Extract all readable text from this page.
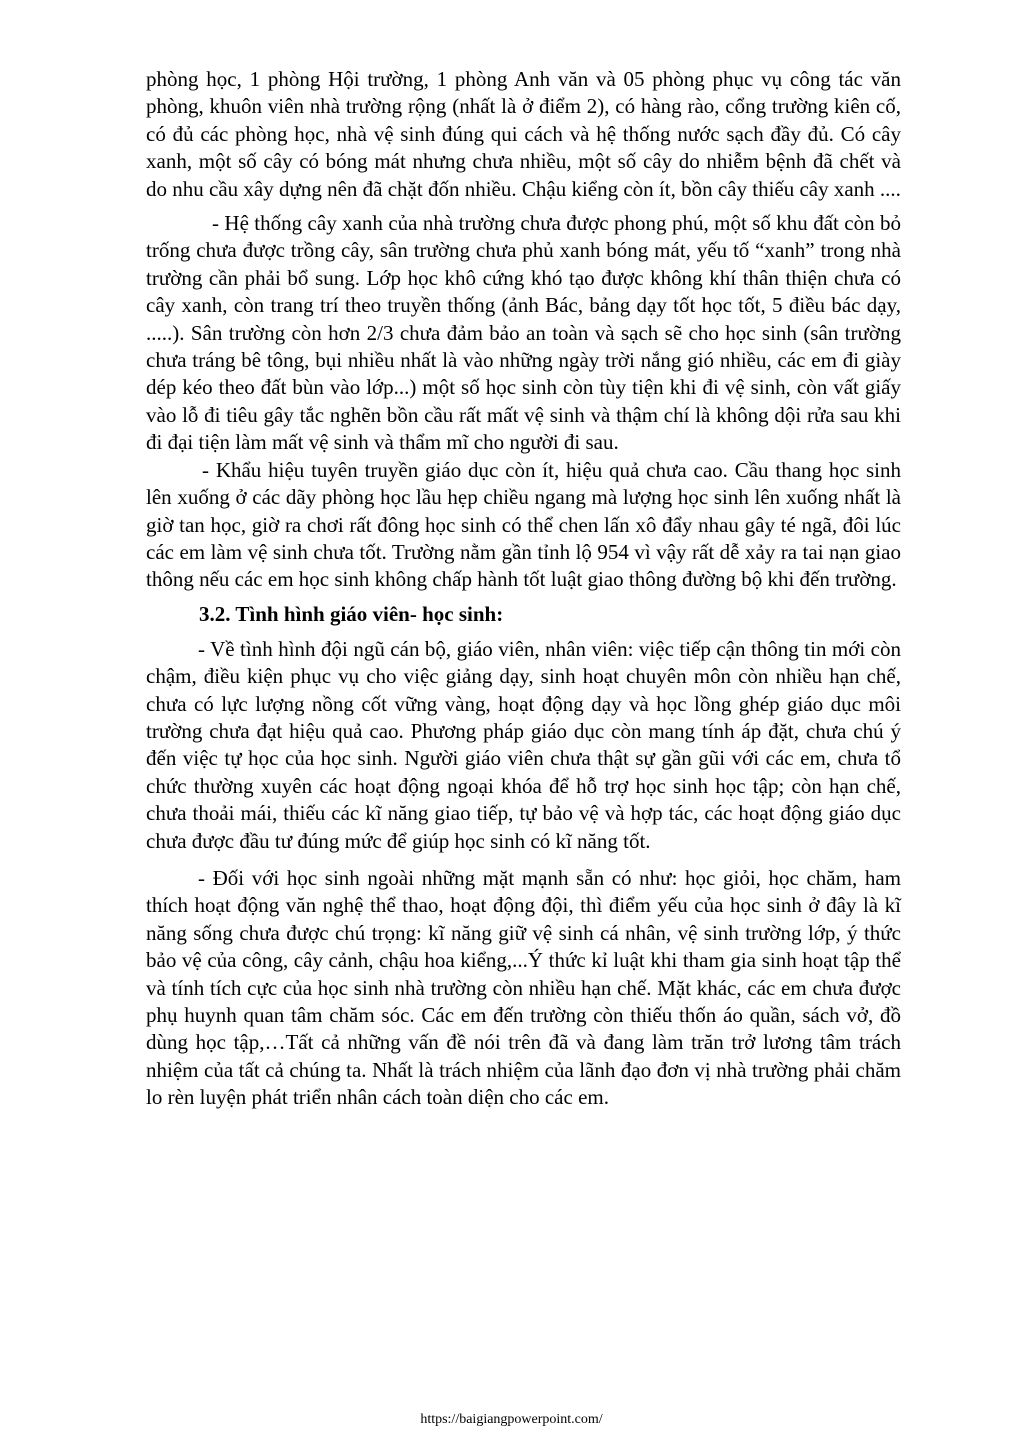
phòng học, 1 phòng Hội trường, 1 phòng Anh văn và 05 phòng phục vụ công tác văn phòng, khuôn viên nhà trường rộng (nhất là ở điểm 2), có hàng rào, cổng trường kiên cố, có đủ các phòng học, nhà vệ sinh đúng qui cách và hệ thống nước sạch đầy đủ. Có cây xanh, một số cây có bóng mát nhưng chưa nhiều, một số cây do nhiễm bệnh đã chết và do nhu cầu xây dựng nên đã chặt đốn nhiều. Chậu kiểng còn ít, bồn cây thiếu cây xanh ....

- Hệ thống cây xanh của nhà trường chưa được phong phú, một số khu đất còn bỏ trống chưa được trồng cây, sân trường chưa phủ xanh bóng mát, yếu tố “xanh” trong nhà trường cần phải bổ sung. Lớp học khô cứng khó tạo được không khí thân thiện chưa có cây xanh, còn trang trí theo truyền thống (ảnh Bác, bảng dạy tốt học tốt, 5 điều bác dạy, .....). Sân trường còn hơn 2/3 chưa đảm bảo an toàn và sạch sẽ cho học sinh (sân trường chưa tráng bê tông, bụi nhiều nhất là vào những ngày trời nắng gió nhiều, các em đi giày dép kéo theo đất bùn vào lớp...) một số học sinh còn tùy tiện khi đi vệ sinh, còn vất giấy vào lỗ đi tiêu gây tắc nghẽn bồn cầu rất mất vệ sinh và thậm chí là không dội rửa sau khi đi đại tiện làm mất vệ sinh và thẩm mĩ cho người đi sau.

- Khẩu hiệu tuyên truyền giáo dục còn ít, hiệu quả chưa cao. Cầu thang học sinh lên xuống ở các dãy phòng học lầu hẹp chiều ngang mà lượng học sinh lên xuống nhất là giờ tan học, giờ ra chơi rất đông học sinh có thể chen lấn xô đẩy nhau gây té ngã, đôi lúc các em làm vệ sinh chưa tốt. Trường nằm gần tỉnh lộ 954 vì vậy rất dễ xảy ra tai nạn giao thông nếu các em học sinh không chấp hành tốt luật giao thông đường bộ khi đến trường.

3.2. Tình hình giáo viên- học sinh:

- Về tình hình đội ngũ cán bộ, giáo viên, nhân viên: việc tiếp cận thông tin mới còn chậm, điều kiện phục vụ cho việc giảng dạy, sinh hoạt chuyên môn còn nhiều hạn chế, chưa có lực lượng nồng cốt vững vàng, hoạt động dạy và học lồng ghép giáo dục môi trường chưa đạt hiệu quả cao. Phương pháp giáo dục còn mang tính áp đặt, chưa chú ý đến việc tự học của học sinh. Người giáo viên chưa thật sự gần gũi với các em, chưa tổ chức thường xuyên các hoạt động ngoại khóa để hỗ trợ học sinh học tập; còn hạn chế, chưa thoải mái, thiếu các kĩ năng giao tiếp, tự bảo vệ và hợp tác, các hoạt động giáo dục chưa được đầu tư đúng mức để giúp học sinh có kĩ năng tốt.

- Đối với học sinh ngoài những mặt mạnh sẵn có như: học giỏi, học chăm, ham thích hoạt động văn nghệ thể thao, hoạt động đội, thì điểm yếu của học sinh ở đây là kĩ năng sống chưa được chú trọng: kĩ năng giữ vệ sinh cá nhân, vệ sinh trường lớp, ý thức bảo vệ của công, cây cảnh, chậu hoa kiểng,...Ý thức kỉ luật khi tham gia sinh hoạt tập thể và tính tích cực của học sinh nhà trường còn nhiều hạn chế. Mặt khác, các em chưa được phụ huynh quan tâm chăm sóc. Các em đến trường còn thiếu thốn áo quần, sách vở, đồ dùng học tập,…Tất cả những vấn đề nói trên đã và đang làm trăn trở lương tâm trách nhiệm của tất cả chúng ta. Nhất là trách nhiệm của lãnh đạo đơn vị nhà trường phải chăm lo rèn luyện phát triển nhân cách toàn diện cho các em.

https://baigiangpowerpoint.com/
